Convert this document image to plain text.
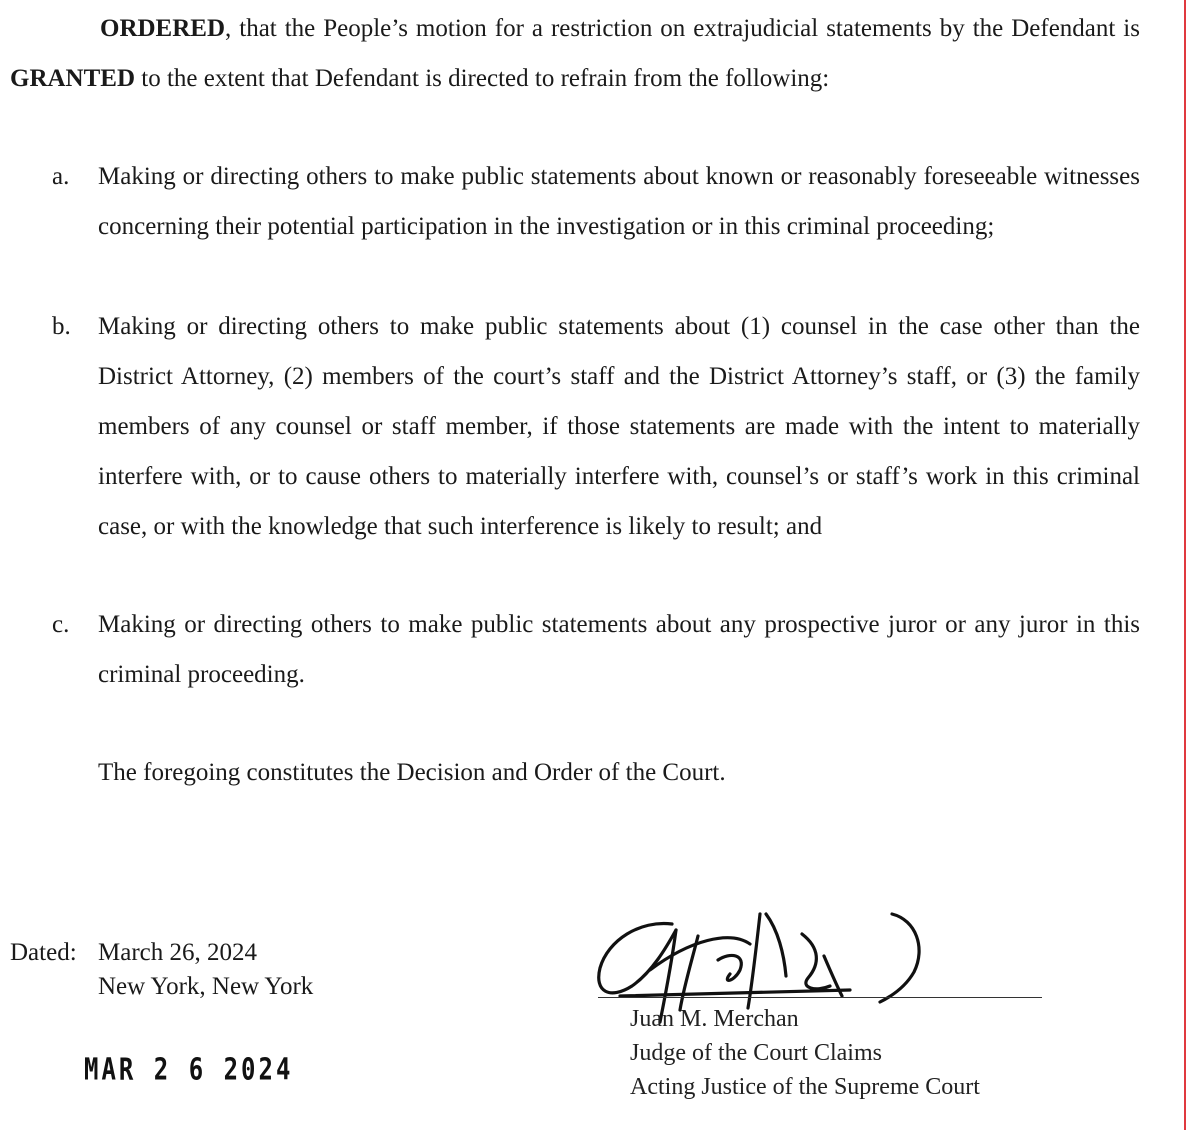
ORDERED, that the People’s motion for a restriction on extrajudicial statements by the Defendant is GRANTED to the extent that Defendant is directed to refrain from the following:

a.	Making or directing others to make public statements about known or reasonably foreseeable witnesses concerning their potential participation in the investigation or in this criminal proceeding;

b.	Making or directing others to make public statements about (1) counsel in the case other than the District Attorney, (2) members of the court’s staff and the District Attorney’s staff, or (3) the family members of any counsel or staff member, if those statements are made with the intent to materially interfere with, or to cause others to materially interfere with, counsel’s or staff’s work in this criminal case, or with the knowledge that such interference is likely to result; and

c.	Making or directing others to make public statements about any prospective juror or any juror in this criminal proceeding.

The foregoing constitutes the Decision and Order of the Court.

Dated: March 26, 2024
New York, New York
MAR 2 6 2024
Juan M. Merchan
Judge of the Court Claims
Acting Justice of the Supreme Court
